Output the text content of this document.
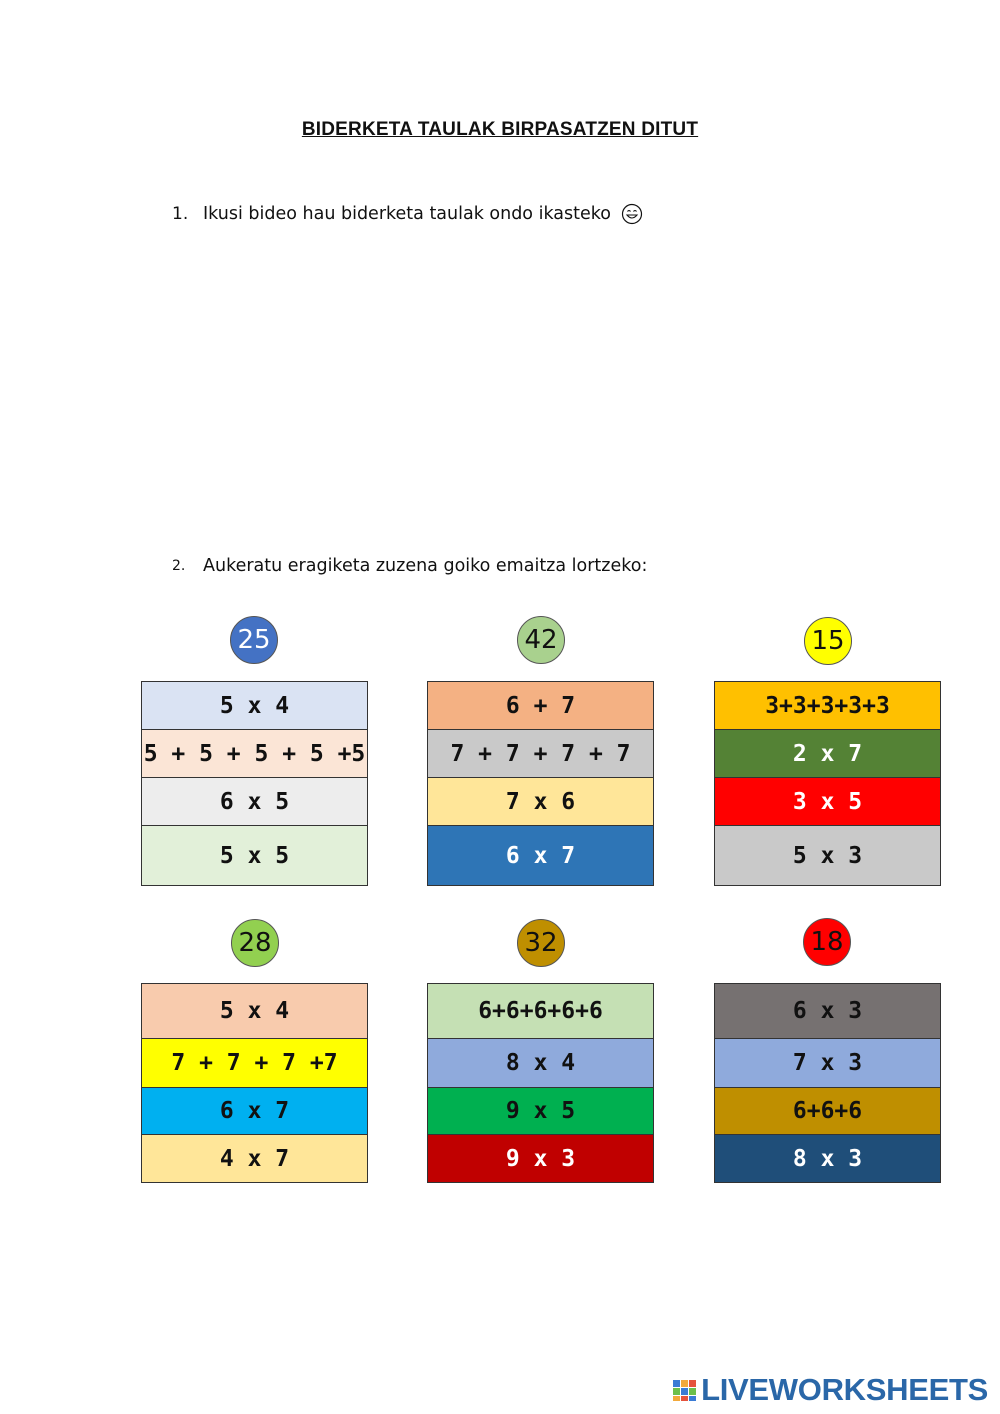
BIDERKETA TAULAK BIRPASATZEN DITUT
1. Ikusi bideo hau biderketa taulak ondo ikasteko
2.	Aukeratu eragiketa zuzena goiko emaitza lortzeko:
25
5 x 4
5 + 5 + 5 + 5 +5
6 x 5
5 x 5
42
6 + 7
7 + 7 + 7 + 7
7 x 6
6 x 7
15
3+3+3+3+3
2 x 7
3 x 5
5 x 3
28
5 x 4
7 + 7 + 7 +7
6 x 7
4 x 7
32
6+6+6+6+6
8 x 4
9 x 5
9 x 3
18
6 x 3
7 x 3
6+6+6
8 x 3
LIVEWORKSHEETS
